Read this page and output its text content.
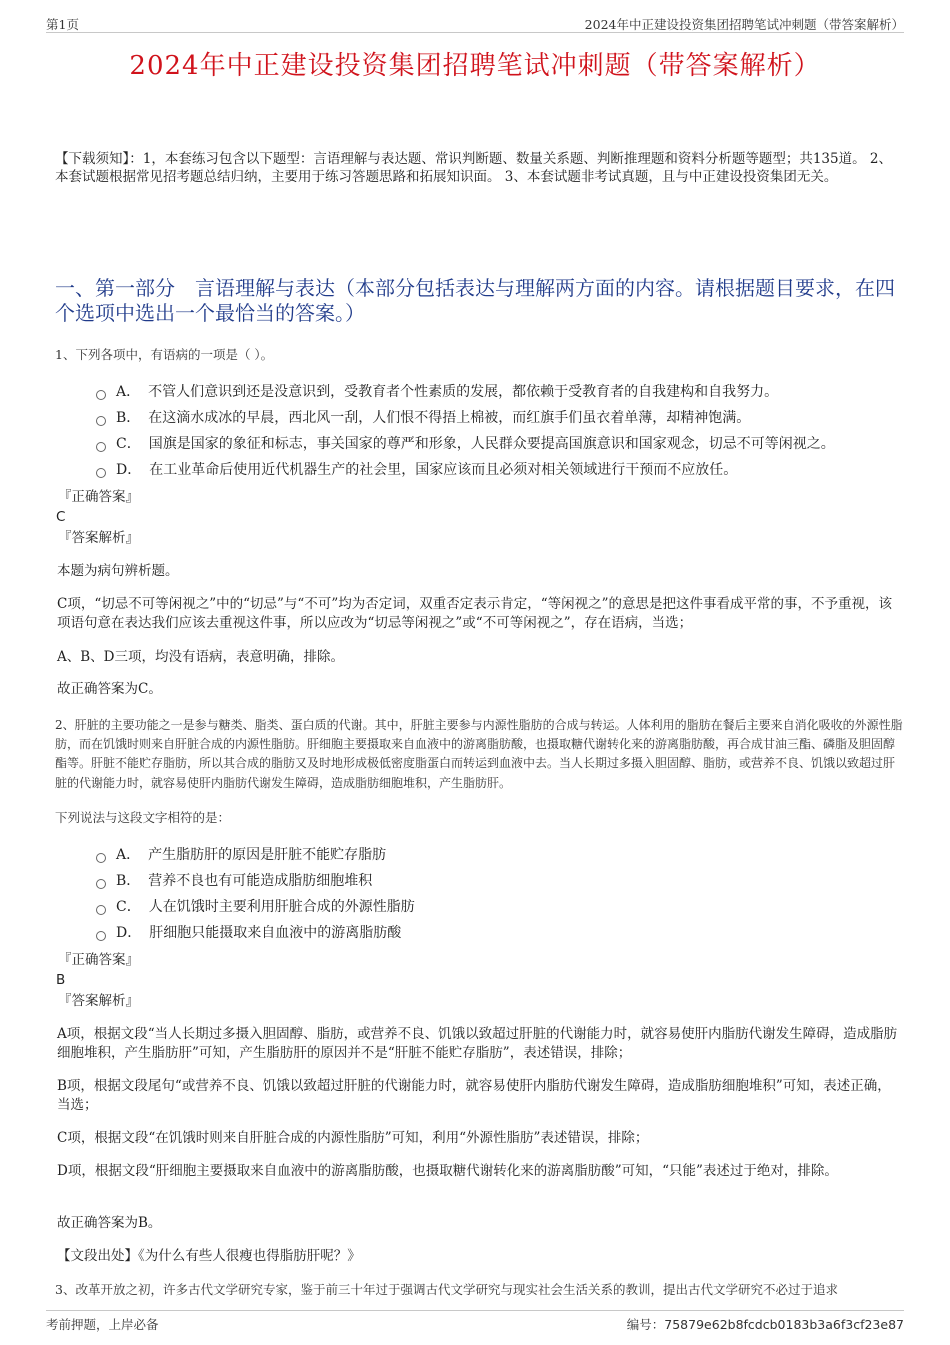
第1页	2024年中正建设投资集团招聘笔试冲刺题（带答案解析）
2024年中正建设投资集团招聘笔试冲刺题（带答案解析）

【下载须知】：1，本套练习包含以下题型：言语理解与表达题、常识判断题、数量关系题、判断推理题和资料分析题等题型；共135道。 2、本套试题根据常见招考题总结归纳，主要用于练习答题思路和拓展知识面。 3、本套试题非考试真题，且与中正建设投资集团无关。

一、第一部分　言语理解与表达（本部分包括表达与理解两方面的内容。请根据题目要求，在四个选项中选出一个最恰当的答案。）

1、下列各项中，有语病的一项是（ ）。

A． 不管人们意识到还是没意识到，受教育者个性素质的发展，都依赖于受教育者的自我建构和自我努力。
B． 在这滴水成冰的早晨，西北风一刮，人们恨不得捂上棉被，而红旗手们虽衣着单薄，却精神饱满。
C． 国旗是国家的象征和标志，事关国家的尊严和形象，人民群众要提高国旗意识和国家观念，切忌不可等闲视之。
D． 在工业革命后使用近代机器生产的社会里，国家应该而且必须对相关领域进行干预而不应放任。

『正确答案』

C

『答案解析』

本题为病句辨析题。

C项，“切忌不可等闲视之”中的“切忌”与“不可”均为否定词，双重否定表示肯定，“等闲视之”的意思是把这件事看成平常的事，不予重视，该项语句意在表达我们应该去重视这件事，所以应改为“切忌等闲视之”或“不可等闲视之”，存在语病，当选；

A、B、D三项，均没有语病，表意明确，排除。

故正确答案为C。

2、肝脏的主要功能之一是参与糖类、脂类、蛋白质的代谢。其中，肝脏主要参与内源性脂肪的合成与转运。人体利用的脂肪在餐后主要来自消化吸收的外源性脂肪，而在饥饿时则来自肝脏合成的内源性脂肪。肝细胞主要摄取来自血液中的游离脂肪酸，也摄取糖代谢转化来的游离脂肪酸，再合成甘油三酯、磷脂及胆固醇酯等。肝脏不能贮存脂肪，所以其合成的脂肪又及时地形成极低密度脂蛋白而转运到血液中去。当人长期过多摄入胆固醇、脂肪，或营养不良、饥饿以致超过肝脏的代谢能力时，就容易使肝内脂肪代谢发生障碍，造成脂肪细胞堆积，产生脂肪肝。

下列说法与这段文字相符的是：

A． 产生脂肪肝的原因是肝脏不能贮存脂肪
B． 营养不良也有可能造成脂肪细胞堆积
C． 人在饥饿时主要利用肝脏合成的外源性脂肪
D． 肝细胞只能摄取来自血液中的游离脂肪酸

『正确答案』

B

『答案解析』

A项，根据文段“当人长期过多摄入胆固醇、脂肪，或营养不良、饥饿以致超过肝脏的代谢能力时，就容易使肝内脂肪代谢发生障碍，造成脂肪细胞堆积，产生脂肪肝”可知，产生脂肪肝的原因并不是“肝脏不能贮存脂肪”，表述错误，排除；

B项，根据文段尾句“或营养不良、饥饿以致超过肝脏的代谢能力时，就容易使肝内脂肪代谢发生障碍，造成脂肪细胞堆积”可知，表述正确，当选；

C项，根据文段“在饥饿时则来自肝脏合成的内源性脂肪”可知，利用“外源性脂肪”表述错误，排除；

D项，根据文段“肝细胞主要摄取来自血液中的游离脂肪酸，也摄取糖代谢转化来的游离脂肪酸”可知，“只能”表述过于绝对，排除。

故正确答案为B。

【文段出处】《为什么有些人很瘦也得脂肪肝呢？》

3、改革开放之初，许多古代文学研究专家，鉴于前三十年过于强调古代文学研究与现实社会生活关系的教训，提出古代文学研究不必过于追求

考前押题，上岸必备	编号：75879e62b8fcdcb0183b3a6f3cf23e87
